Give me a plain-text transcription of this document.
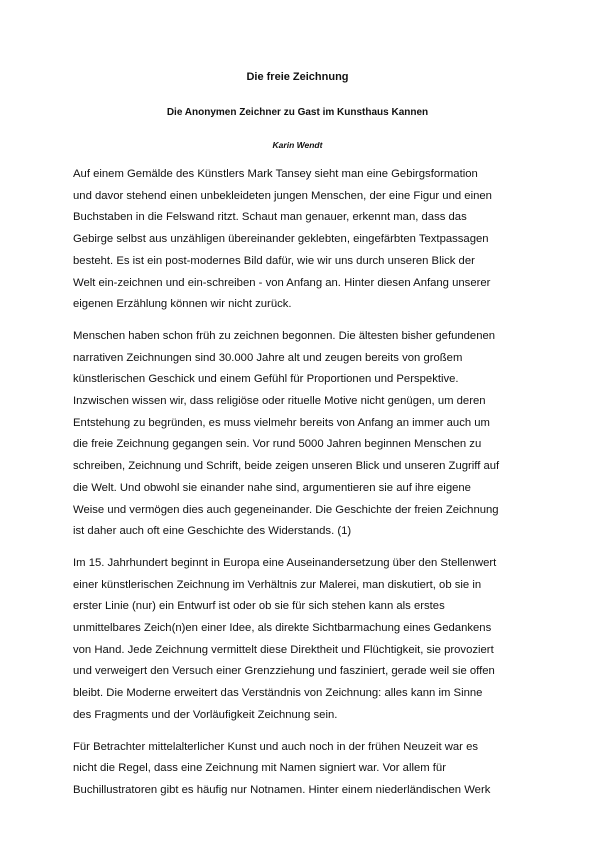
Die freie Zeichnung
Die Anonymen Zeichner zu Gast im Kunsthaus Kannen

Karin Wendt

Auf einem Gemälde des Künstlers Mark Tansey sieht man eine Gebirgsformation
und davor stehend einen unbekleideten jungen Menschen, der eine Figur und einen
Buchstaben in die Felswand ritzt. Schaut man genauer, erkennt man, dass das
Gebirge selbst aus unzähligen übereinander geklebten, eingefärbten Textpassagen
besteht. Es ist ein post-modernes Bild dafür, wie wir uns durch unseren Blick der
Welt ein-zeichnen und ein-schreiben - von Anfang an. Hinter diesen Anfang unserer
eigenen Erzählung können wir nicht zurück.

Menschen haben schon früh zu zeichnen begonnen. Die ältesten bisher gefundenen
narrativen Zeichnungen sind 30.000 Jahre alt und zeugen bereits von großem
künstlerischen Geschick und einem Gefühl für Proportionen und Perspektive.
Inzwischen wissen wir, dass religiöse oder rituelle Motive nicht genügen, um deren
Entstehung zu begründen, es muss vielmehr bereits von Anfang an immer auch um
die freie Zeichnung gegangen sein. Vor rund 5000 Jahren beginnen Menschen zu
schreiben, Zeichnung und Schrift, beide zeigen unseren Blick und unseren Zugriff auf
die Welt. Und obwohl sie einander nahe sind, argumentieren sie auf ihre eigene
Weise und vermögen dies auch gegeneinander. Die Geschichte der freien Zeichnung
ist daher auch oft eine Geschichte des Widerstands. (1)

Im 15. Jahrhundert beginnt in Europa eine Auseinandersetzung über den Stellenwert
einer künstlerischen Zeichnung im Verhältnis zur Malerei, man diskutiert, ob sie in
erster Linie (nur) ein Entwurf ist oder ob sie für sich stehen kann als erstes
unmittelbares Zeich(n)en einer Idee, als direkte Sichtbarmachung eines Gedankens
von Hand. Jede Zeichnung vermittelt diese Direktheit und Flüchtigkeit, sie provoziert
und verweigert den Versuch einer Grenzziehung und fasziniert, gerade weil sie offen
bleibt. Die Moderne erweitert das Verständnis von Zeichnung: alles kann im Sinne
des Fragments und der Vorläufigkeit Zeichnung sein.

Für Betrachter mittelalterlicher Kunst und auch noch in der frühen Neuzeit war es
nicht die Regel, dass eine Zeichnung mit Namen signiert war. Vor allem für
Buchillustratoren gibt es häufig nur Notnamen. Hinter einem niederländischen Werk
